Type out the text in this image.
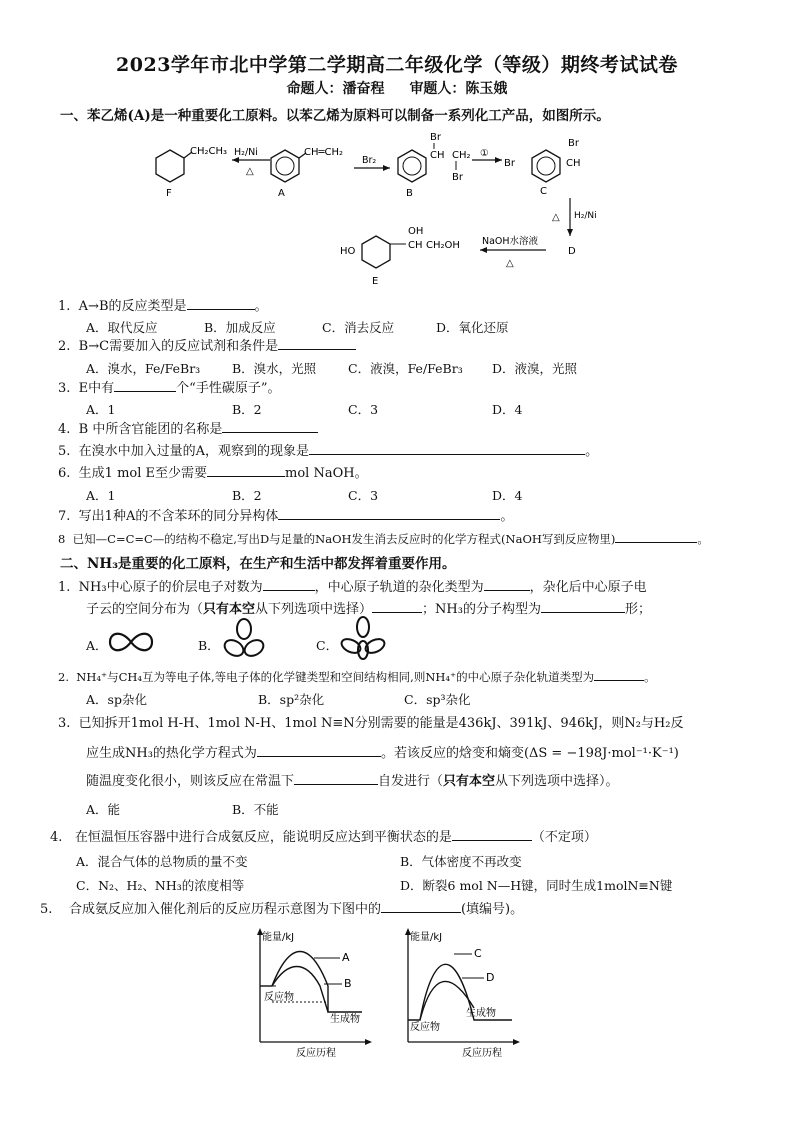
2023学年市北中学第二学期高二年级化学（等级）期终考试试卷
命题人：潘奋程 审题人：陈玉娥
一、苯乙烯(A)是一种重要化工原料。以苯乙烯为原料可以制备一系列化工产品，如图所示。
CH₂CH₃
F
H₂/Ni
△
CH═CH₂
A
Br₂	CH CH₂
Br
Br
B
①
Br	CH
Br
C
△ H₂/Ni
D
NaOH水溶液
△
HO
CH
OH
CH₂OH
E
1. A→B的反应类型是	。
A．取代反应	B．加成反应	C．消去反应	D．氧化还原
2. B→C需要加入的反应试剂和条件是
A．溴水，Fe/FeBr₃	B．溴水，光照	C．液溴，Fe/FeBr₃ D．液溴，光照
3. E中有	个“手性碳原子”。
A．1	B．2	C．3	D．4
4. B 中所含官能团的名称是
5. 在溴水中加入过量的A，观察到的现象是	。
6. 生成1 mol E至少需要	mol NaOH。
A．1	B．2	C．3	D．4
7. 写出1种A的不含苯环的同分异构体	。
8 已知—C=C=C—的结构不稳定,写出D与足量的NaOH发生消去反应时的化学方程式(NaOH写到反应物里)	。
二、NH₃是重要的化工原料，在生产和生活中都发挥着重要作用。
1. NH₃中心原子的价层电子对数为	，中心原子轨道的杂化类型为	，杂化后中心原子电
子云的空间分布为（只有本空从下列选项中选择）	；NH₃的分子构型为	形；
A．	B．	C．
2. NH₄⁺与CH₄互为等电子体,等电子体的化学键类型和空间结构相同,则NH₄⁺的中心原子杂化轨道类型为	。
A．sp杂化	B．sp²杂化	C．sp³杂化
3. 已知拆开1mol H-H、1mol N-H、1mol N≡N分别需要的能量是436kJ、391kJ、946kJ，则N₂与H₂反
应生成NH₃的热化学方程式为	。若该反应的焓变和熵变(ΔS = −198J·mol⁻¹·K⁻¹)
随温度变化很小，则该反应在常温下	自发进行（只有本空从下列选项中选择）。
A．能	B．不能
4. 在恒温恒压容器中进行合成氨反应，能说明反应达到平衡状态的是	（不定项）
A．混合气体的总物质的量不变	B．气体密度不再改变
C．N₂、H₂、NH₃的浓度相等	D．断裂6 mol N—H键，同时生成1molN≡N键
5. 合成氨反应加入催化剂后的反应历程示意图为下图中的	(填编号)。
能量/kJ
A
B
反应物
生成物
反应历程
能量/kJ
C
D
反应物
生成物
反应历程
